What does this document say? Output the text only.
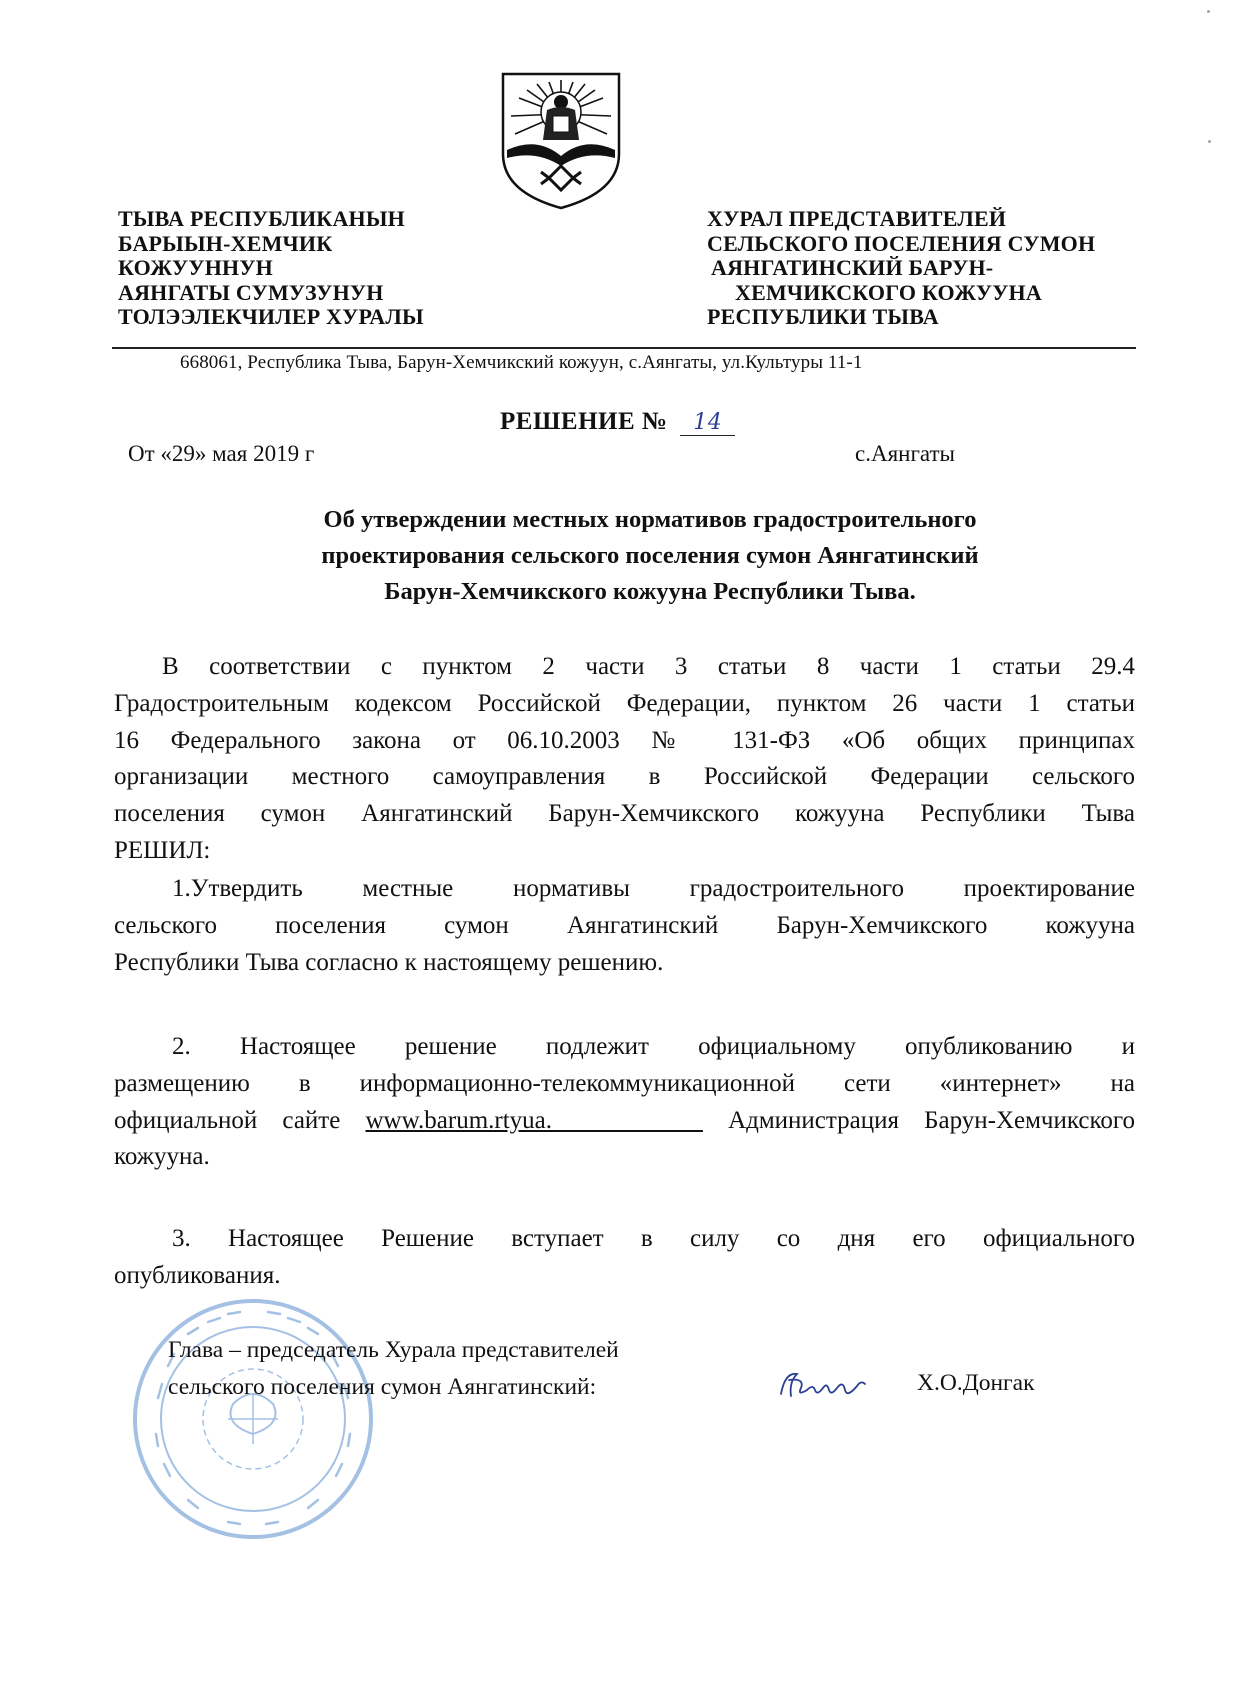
ТЫВА РЕСПУБЛИКАНЫН
БАРЫЫН-ХЕМЧИК
КОЖУУННУН
АЯНГАТЫ СУМУЗУНУН
ТОЛЭЭЛЕКЧИЛЕР ХУРАЛЫ
ХУРАЛ ПРЕДСТАВИТЕЛЕЙ
СЕЛЬСКОГО ПОСЕЛЕНИЯ СУМОН
АЯНГАТИНСКИЙ БАРУН-
ХЕМЧИКСКОГО КОЖУУНА
РЕСПУБЛИКИ ТЫВА
668061, Республика Тыва, Барун-Хемчикский кожуун, с.Аянгаты, ул.Культуры 11-1
РЕШЕНИЕ № 14
От «29» мая 2019 г	с.Аянгаты
Об утверждении местных нормативов градостроительного
проектирования сельского поселения сумон Аянгатинский
Барун-Хемчикского кожууна Республики Тыва.
В соответствии с пунктом 2 части 3 статьи 8 части 1 статьи 29.4
Градостроительным кодексом Российской Федерации, пунктом 26 части 1 статьи
16 Федерального закона от 06.10.2003 № 131-ФЗ «Об общих принципах
организации местного самоуправления в Российской Федерации сельского
поселения сумон Аянгатинский Барун-Хемчикского кожууна Республики Тыва
РЕШИЛ:
1.Утвердить местные нормативы градостроительного проектирование
сельского поселения сумон Аянгатинский Барун-Хемчикского кожууна
Республики Тыва согласно к настоящему решению.
2. Настоящее решение подлежит официальному опубликованию и
размещению в информационно-телекоммуникационной сети «интернет» на
официальной сайте www.barum.rtyua.	Администрация Барун-Хемчикского
кожууна.
3. Настоящее Решение вступает в силу со дня его официального
опубликования.
Глава – председатель Хурала представителей
сельского поселения сумон Аянгатинский:	Х.О.Донгак
